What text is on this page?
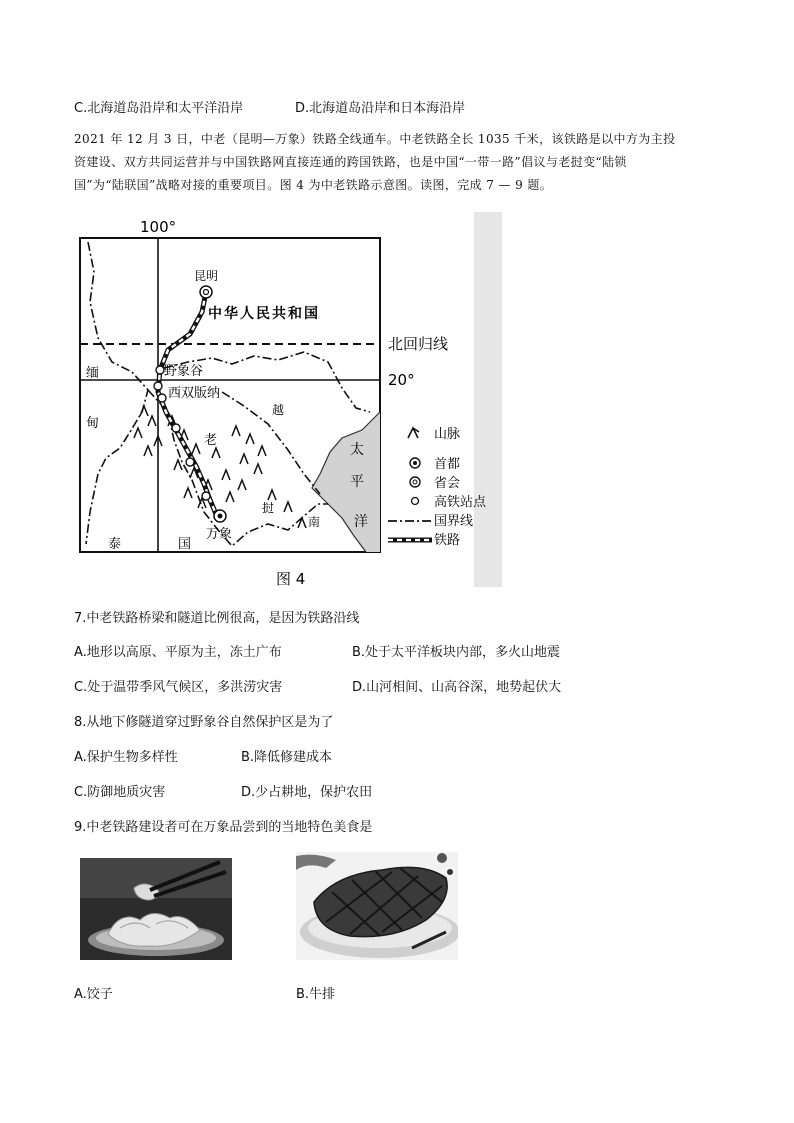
C.北海道岛沿岸和太平洋沿岸	D.北海道岛沿岸和日本海沿岸
2021 年 12 月 3 日，中老（昆明—万象）铁路全线通车。中老铁路全长 1035 千米，该铁路是以中方为主投
资建设、双方共同运营并与中国铁路网直接连通的跨国铁路，也是中国“一带一路”倡议与老挝变“陆锁
国”为“陆联国”战略对接的重要项目。图 4 为中老铁路示意图。读图，完成 7 — 9 题。
100°
昆明
中华人民共和国
北回归线
20°
野象谷
西双版纳
缅
甸
越
南
老
挝
泰	国
万象
太
平
洋
山脉
首都
省会
高铁站点
国界线
铁路
图 4
7.中老铁路桥梁和隧道比例很高，是因为铁路沿线
A.地形以高原、平原为主，冻土广布	B.处于太平洋板块内部，多火山地震
C.处于温带季风气候区，多洪涝灾害	D.山河相间、山高谷深，地势起伏大
8.从地下修隧道穿过野象谷自然保护区是为了
A.保护生物多样性	B.降低修建成本
C.防御地质灾害	D.少占耕地，保护农田
9.中老铁路建设者可在万象品尝到的当地特色美食是
A.饺子	B.牛排
